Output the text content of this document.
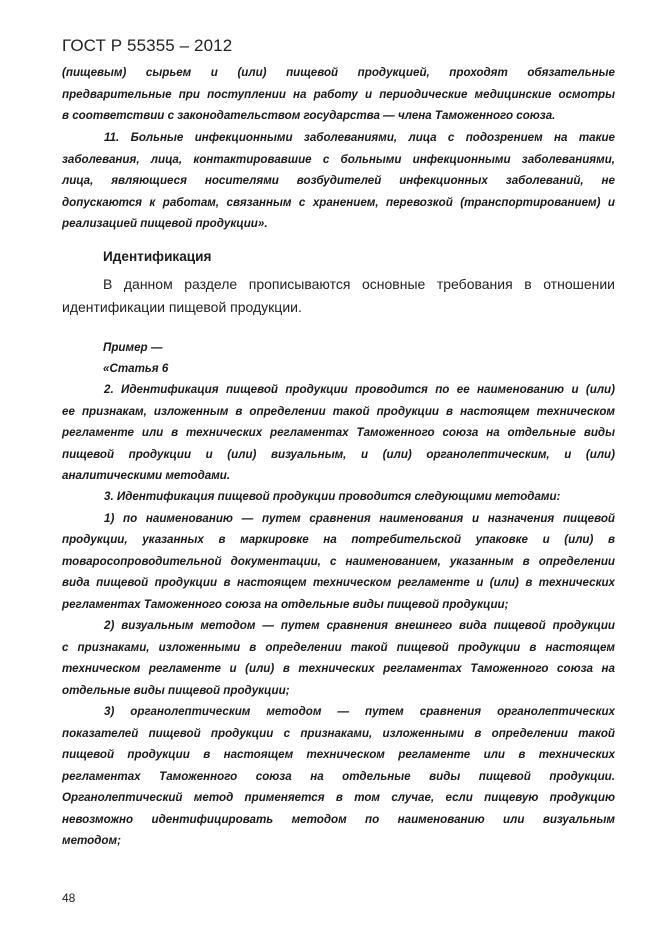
ГОСТ Р 55355 – 2012
(пищевым) сырьем и (или) пищевой продукцией, проходят обязательные
предварительные при поступлении на работу и периодические медицинские осмотры
в соответствии с законодательством государства — члена Таможенного союза.
11. Больные инфекционными заболеваниями, лица с подозрением на такие
заболевания, лица, контактировавшие с больными инфекционными заболеваниями,
лица, являющиеся носителями возбудителей инфекционных заболеваний, не
допускаются к работам, связанным с хранением, перевозкой (транспортированием) и
реализацией пищевой продукции».
Идентификация
В данном разделе прописываются основные требования в отношении
идентификации пищевой продукции.
Пример —
«Статья 6
2. Идентификация пищевой продукции проводится по ее наименованию и (или)
ее признакам, изложенным в определении такой продукции в настоящем техническом
регламенте или в технических регламентах Таможенного союза на отдельные виды
пищевой продукции и (или) визуальным, и (или) органолептическим, и (или)
аналитическими методами.
3. Идентификация пищевой продукции проводится следующими методами:
1) по наименованию — путем сравнения наименования и назначения пищевой
продукции, указанных в маркировке на потребительской упаковке и (или) в
товаросопроводительной документации, с наименованием, указанным в определении
вида пищевой продукции в настоящем техническом регламенте и (или) в технических
регламентах Таможенного союза на отдельные виды пищевой продукции;
2) визуальным методом — путем сравнения внешнего вида пищевой продукции
с признаками, изложенными в определении такой пищевой продукции в настоящем
техническом регламенте и (или) в технических регламентах Таможенного союза на
отдельные виды пищевой продукции;
3) органолептическим методом — путем сравнения органолептических
показателей пищевой продукции с признаками, изложенными в определении такой
пищевой продукции в настоящем техническом регламенте или в технических
регламентах Таможенного союза на отдельные виды пищевой продукции.
Органолептический метод применяется в том случае, если пищевую продукцию
невозможно идентифицировать методом по наименованию или визуальным
методом;
48
